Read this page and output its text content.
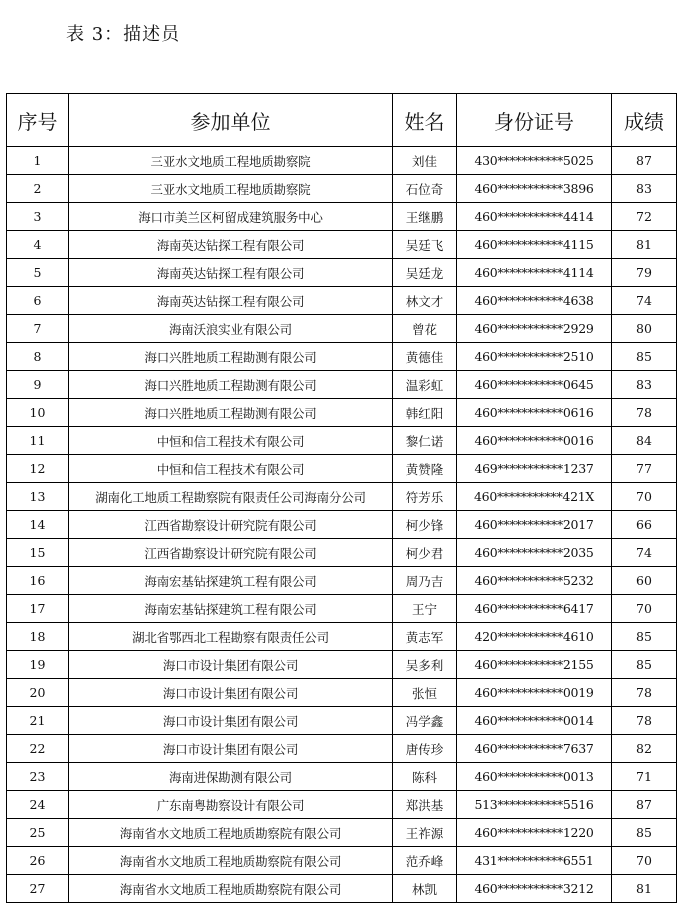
表 3：描述员
序号	参加单位	姓名	身份证号	成绩
1	三亚水文地质工程地质勘察院	刘佳	430***********5025	87
2	三亚水文地质工程地质勘察院	石位奇	460***********3896	83
3	海口市美兰区柯留成建筑服务中心	王继鹏	460***********4414	72
4	海南英达钻探工程有限公司	吴廷飞	460***********4115	81
5	海南英达钻探工程有限公司	吴廷龙	460***********4114	79
6	海南英达钻探工程有限公司	林文才	460***********4638	74
7	海南沃浪实业有限公司	曾花	460***********2929	80
8	海口兴胜地质工程勘测有限公司	黄德佳	460***********2510	85
9	海口兴胜地质工程勘测有限公司	温彩虹	460***********0645	83
10	海口兴胜地质工程勘测有限公司	韩红阳	460***********0616	78
11	中恒和信工程技术有限公司	黎仁诺	460***********0016	84
12	中恒和信工程技术有限公司	黄赞隆	469***********1237	77
13	湖南化工地质工程勘察院有限责任公司海南分公司	符芳乐	460***********421X	70
14	江西省勘察设计研究院有限公司	柯少锋	460***********2017	66
15	江西省勘察设计研究院有限公司	柯少君	460***********2035	74
16	海南宏基钻探建筑工程有限公司	周乃吉	460***********5232	60
17	海南宏基钻探建筑工程有限公司	王宁	460***********6417	70
18	湖北省鄂西北工程勘察有限责任公司	黄志军	420***********4610	85
19	海口市设计集团有限公司	吴多利	460***********2155	85
20	海口市设计集团有限公司	张恒	460***********0019	78
21	海口市设计集团有限公司	冯学鑫	460***********0014	78
22	海口市设计集团有限公司	唐传珍	460***********7637	82
23	海南进保勘测有限公司	陈科	460***********0013	71
24	广东南粤勘察设计有限公司	郑洪基	513***********5516	87
25	海南省水文地质工程地质勘察院有限公司	王祚源	460***********1220	85
26	海南省水文地质工程地质勘察院有限公司	范乔峰	431***********6551	70
27	海南省水文地质工程地质勘察院有限公司	林凯	460***********3212	81
